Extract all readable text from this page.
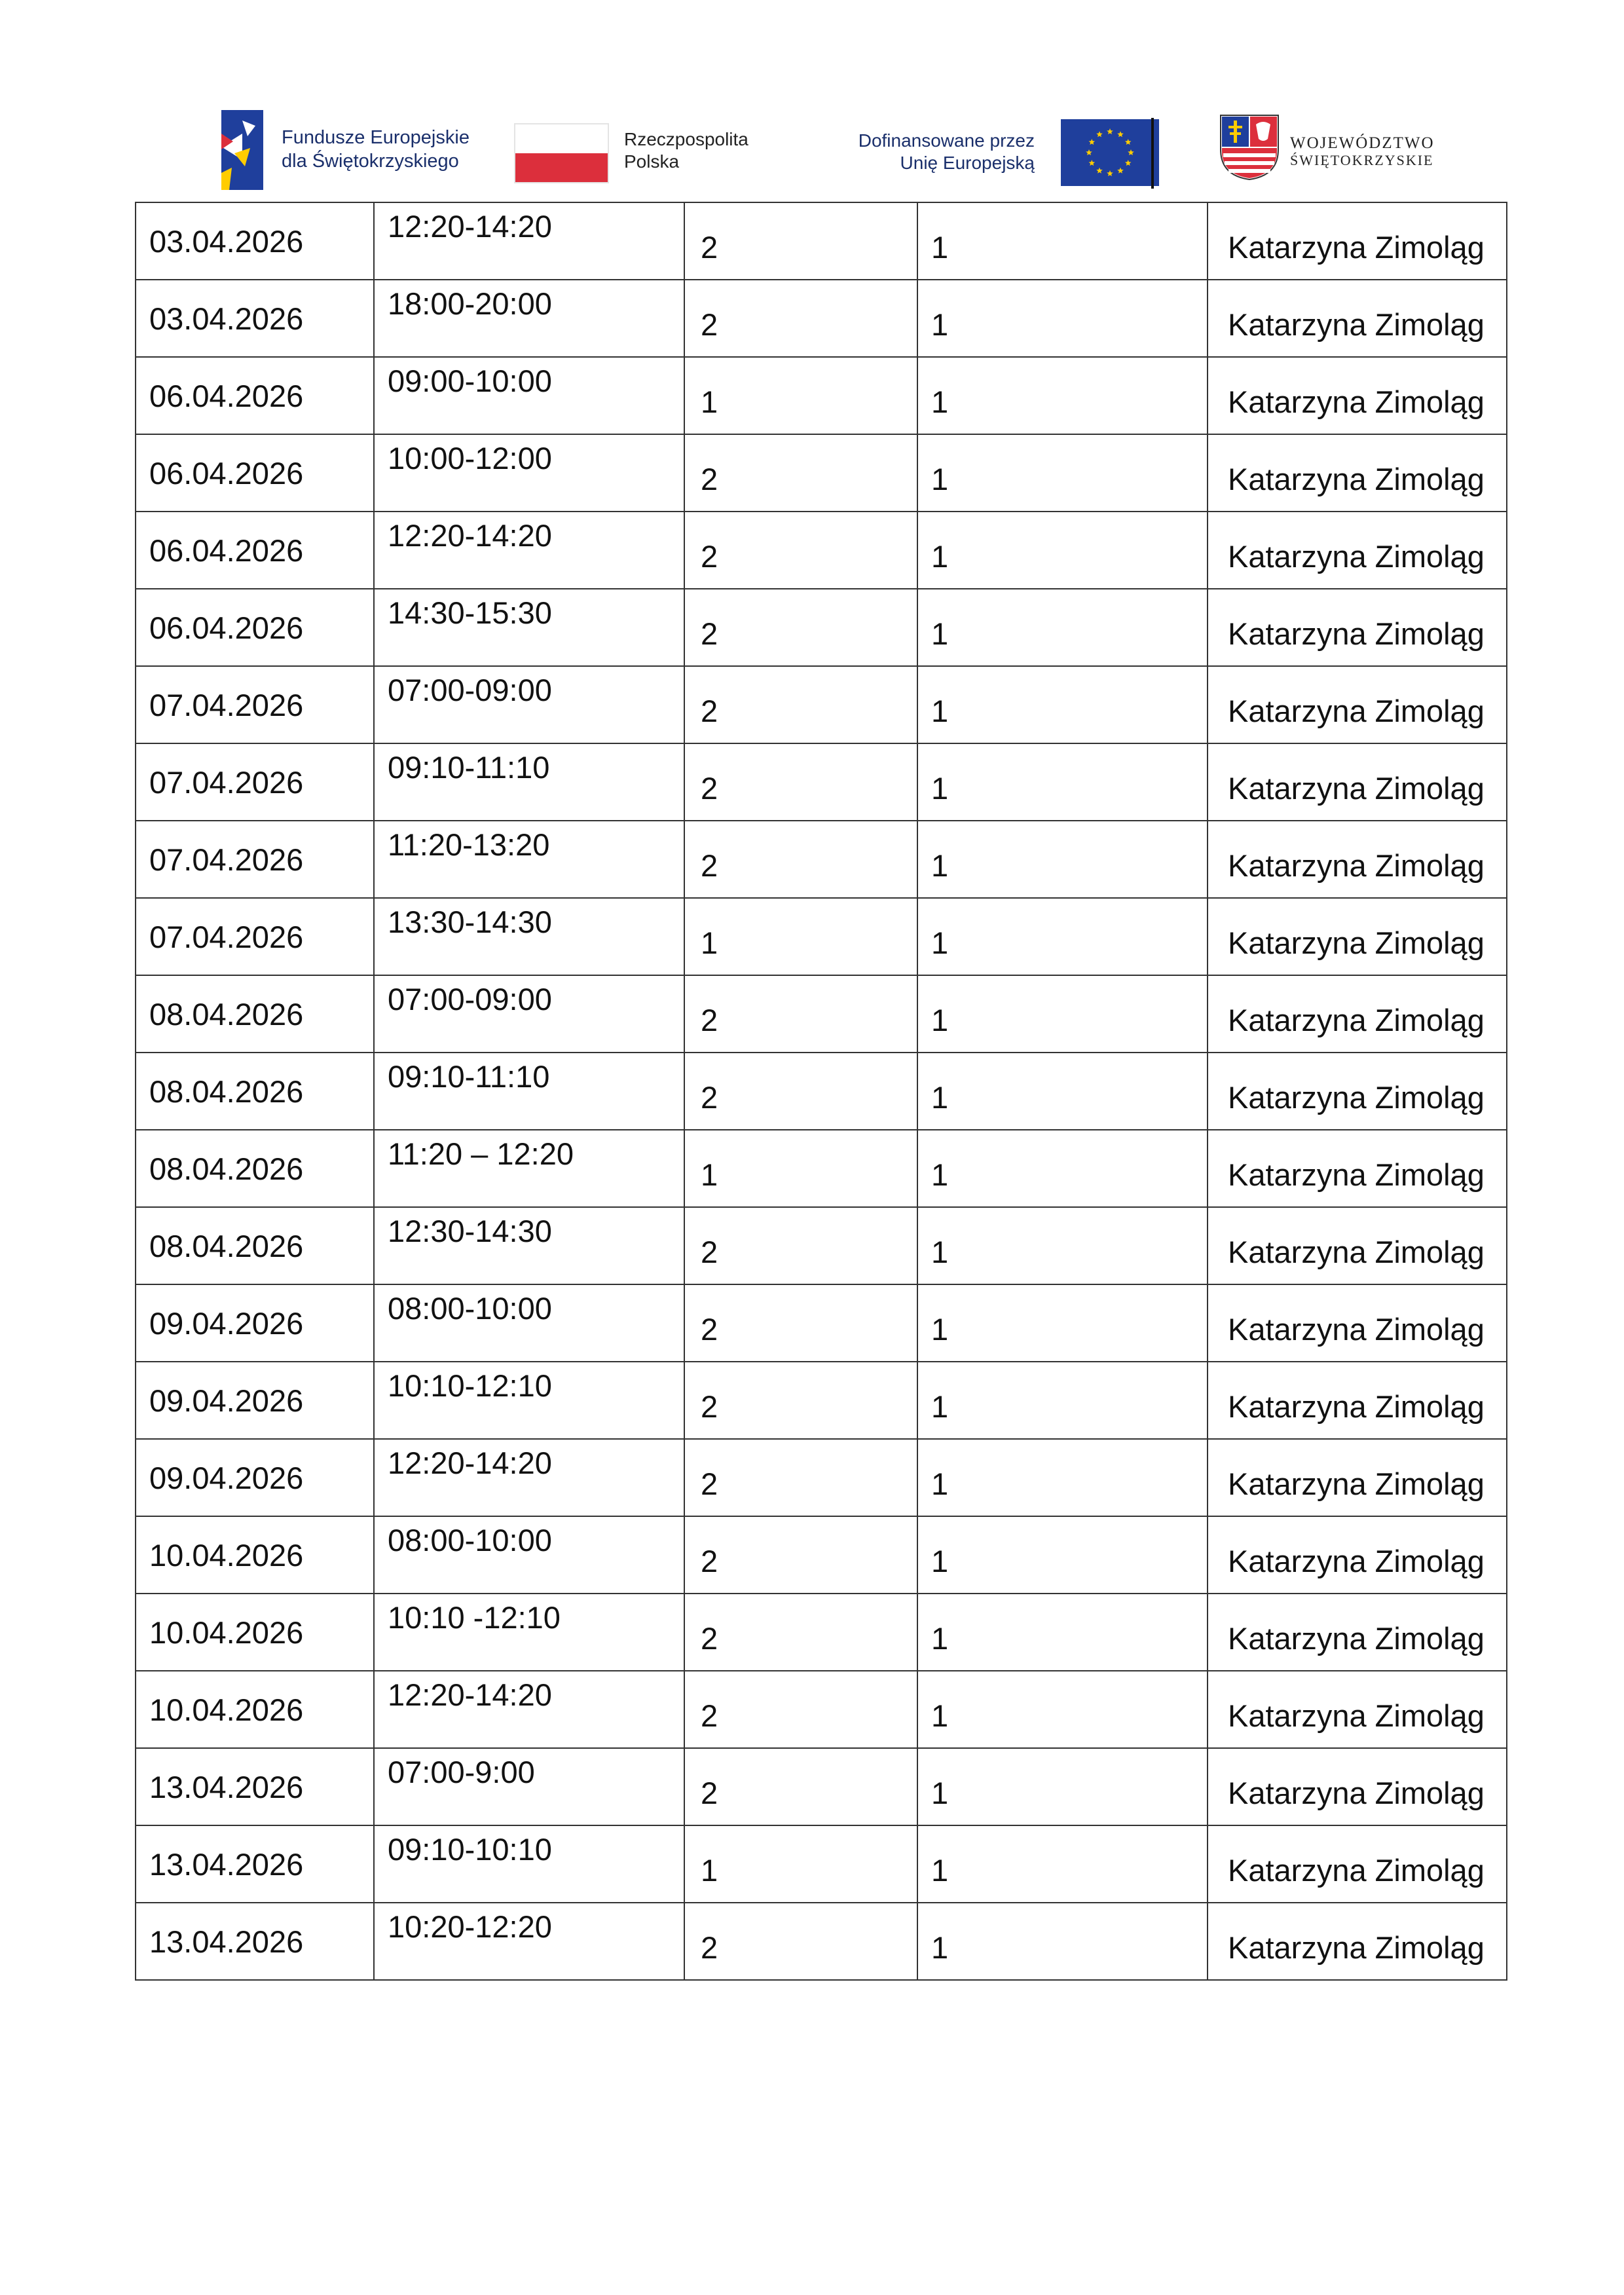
Fundusze Europejskie
dla Świętokrzyskiego
Rzeczpospolita
Polska
Dofinansowane przez
Unię Europejską
WOJEWÓDZTWO
ŚWIĘTOKRZYSKIE
03.04.2026	12:20-14:20	2	1	Katarzyna Zimoląg
03.04.2026	18:00-20:00	2	1	Katarzyna Zimoląg
06.04.2026	09:00-10:00	1	1	Katarzyna Zimoląg
06.04.2026	10:00-12:00	2	1	Katarzyna Zimoląg
06.04.2026	12:20-14:20	2	1	Katarzyna Zimoląg
06.04.2026	14:30-15:30	2	1	Katarzyna Zimoląg
07.04.2026	07:00-09:00	2	1	Katarzyna Zimoląg
07.04.2026	09:10-11:10	2	1	Katarzyna Zimoląg
07.04.2026	11:20-13:20	2	1	Katarzyna Zimoląg
07.04.2026	13:30-14:30	1	1	Katarzyna Zimoląg
08.04.2026	07:00-09:00	2	1	Katarzyna Zimoląg
08.04.2026	09:10-11:10	2	1	Katarzyna Zimoląg
08.04.2026	11:20 – 12:20	1	1	Katarzyna Zimoląg
08.04.2026	12:30-14:30	2	1	Katarzyna Zimoląg
09.04.2026	08:00-10:00	2	1	Katarzyna Zimoląg
09.04.2026	10:10-12:10	2	1	Katarzyna Zimoląg
09.04.2026	12:20-14:20	2	1	Katarzyna Zimoląg
10.04.2026	08:00-10:00	2	1	Katarzyna Zimoląg
10.04.2026	10:10 -12:10	2	1	Katarzyna Zimoląg
10.04.2026	12:20-14:20	2	1	Katarzyna Zimoląg
13.04.2026	07:00-9:00	2	1	Katarzyna Zimoląg
13.04.2026	09:10-10:10	1	1	Katarzyna Zimoląg
13.04.2026	10:20-12:20	2	1	Katarzyna Zimoląg
